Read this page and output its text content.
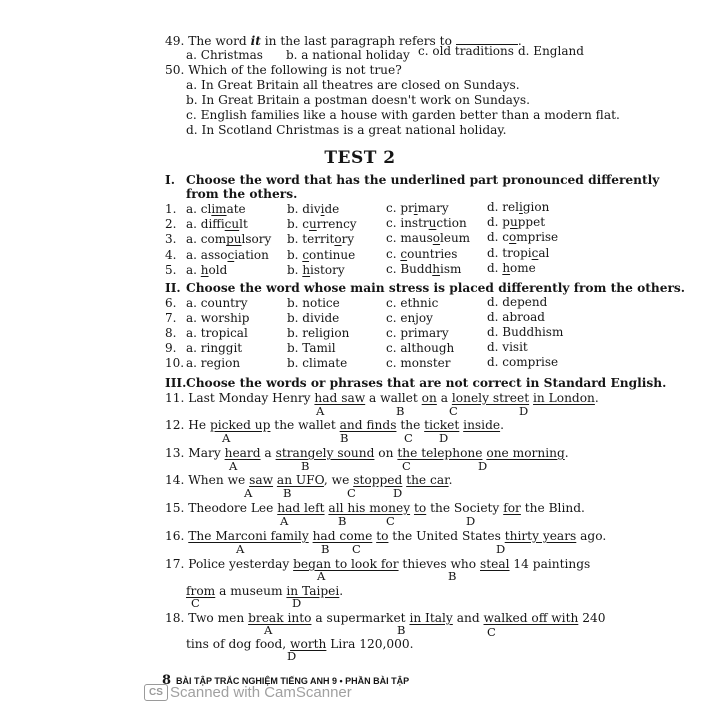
49. The word it in the last paragraph refers to	.
a. Christmas b. a national holiday c. old traditions d. England
50. Which of the following is not true?
a. In Great Britain all theatres are closed on Sundays.
b. In Great Britain a postman doesn't work on Sundays.
c. English families like a house with garden better than a modern flat.
d. In Scotland Christmas is a great national holiday.
TEST 2
I. Choose the word that has the underlined part pronounced differently
from the others.
1. a. climate	b. divide	c. primary	d. religion
2. a. difficult	b. currency c. instruction d. puppet
3. a. compulsory b. territory	c. mausoleum d. comprise
4. a. association b. continue	c. countries d. tropical
5. a. hold	b. history	c. Buddhism d. home
II. Choose the word whose main stress is placed differently from the others.
6. a. country	b. notice	c. ethnic	d. depend
7. a. worship	b. divide	c. enjoy	d. abroad
8. a. tropical	b. religion	c. primary	d. Buddhism
9. a. ringgit	b. Tamil	c. although	d. visit
10. a. region	b. climate	c. monster	d. comprise
III. Choose the words or phrases that are not correct in Standard English.
11. Last Monday Henry had saw a wallet on a lonely street in London.
A	B	C	D
12. He picked up the wallet and finds the ticket inside.
A	B	C D
13. Mary heard a strangely sound on the telephone one morning.
A	B	C	D
14. When we saw an UFO, we stopped the car.
A	B	C	D
15. Theodore Lee had left all his money to the Society for the Blind.
A	B	C	D
16. The Marconi family had come to the United States thirty years ago.
A	B C	D
17. Police yesterday began to look for thieves who steal 14 paintings
A	B
from a museum in Taipei.
C	D
18. Two men break into a supermarket in Italy and walked off with 240
A	B	C
tins of dog food, worth Lira 120,000.
D
8 BÀI TẬP TRẮC NGHIỆM TIẾNG ANH 9 • PHẦN BÀI TẬP
CS Scanned with CamScanner
